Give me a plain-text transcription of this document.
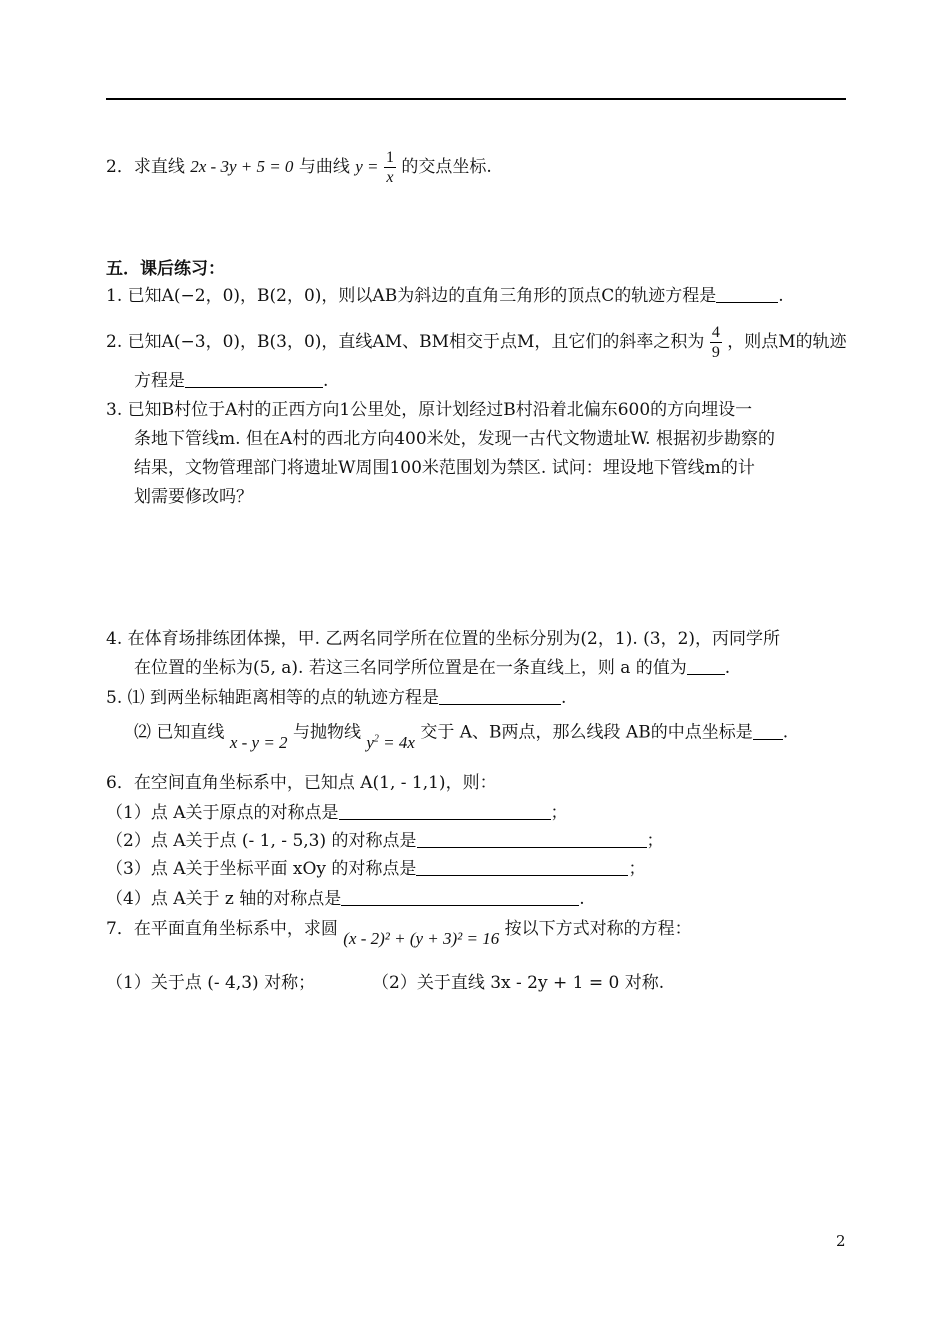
2．求直线 2x - 3y + 5 = 0 与曲线 $y = \frac{1}{x}$ 的交点坐标.
五．课后练习：
1. 已知A(−2，0)，B(2，0)，则以AB为斜边的直角三角形的顶点C的轨迹方程是	.
2. 已知A(−3，0)，B(3，0)，直线AM、BM相交于点M，且它们的斜率之积为 $\frac{4}{9}$ ，则点M的轨迹
方程是	.
3. 已知B村位于A村的正西方向1公里处，原计划经过B村沿着北偏东600的方向埋设一
条地下管线m. 但在A村的西北方向400米处，发现一古代文物遗址W. 根据初步勘察的
结果，文物管理部门将遗址W周围100米范围划为禁区. 试问：埋设地下管线m的计
划需要修改吗？
4. 在体育场排练团体操，甲. 乙两名同学所在位置的坐标分别为(2，1). (3，2)，丙同学所
在位置的坐标为(5, a). 若这三名同学所位置是在一条直线上，则 a 的值为 .
5. ⑴ 到两坐标轴距离相等的点的轨迹方程是	.
⑵ 已知直线 x - y = 2 与抛物线 $y^2 = 4x$ 交于 A、B两点，那么线段 AB的中点坐标是 .
6．在空间直角坐标系中，已知点 A(1, - 1,1)，则：
（1）点 A关于原点的对称点是	；
（2）点 A关于点 (- 1, - 5,3) 的对称点是	；
（3）点 A关于坐标平面 xOy 的对称点是	；
（4）点 A关于 z 轴的对称点是	.
7．在平面直角坐标系中，求圆 (x - 2)² + (y + 3)² = 16 按以下方式对称的方程：
（1）关于点 (- 4,3) 对称；	（2）关于直线 3x - 2y + 1 = 0 对称.
2
